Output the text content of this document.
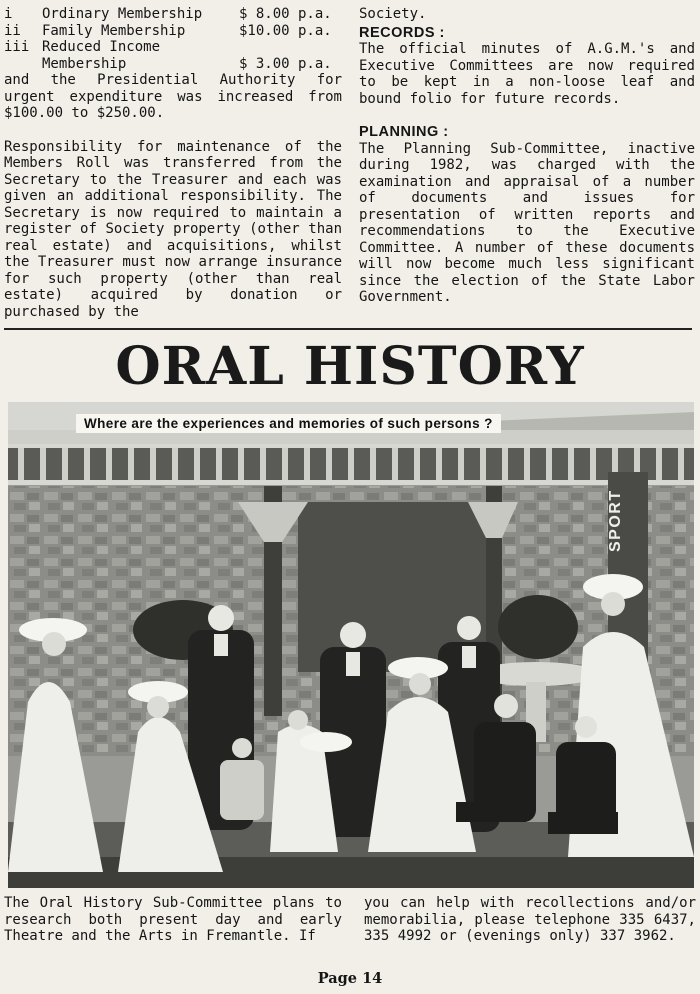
i	Ordinary Membership	$ 8.00 p.a.
ii	Family Membership	$10.00 p.a.
iii Reduced Income
Membership	$ 3.00 p.a.

and the Presidential Authority for urgent expenditure was increased from $100.00 to $250.00.

Responsibility for maintenance of the Members Roll was transferred from the Secretary to the Treasurer and each was given an additional responsibility. The Secretary is now required to maintain a register of Society property (other than real estate) and acquisitions, whilst the Treasurer must now arrange insurance for such property (other than real estate) acquired by donation or purchased by the

Society.

RECORDS :

The official minutes of A.G.M.'s and Executive Committees are now required to be kept in a non-loose leaf and bound folio for future records.

PLANNING :

The Planning Sub-Committee, inactive during 1982, was charged with the examination and appraisal of a number of documents and issues for presentation of written reports and recommendations to the Executive Committee. A number of these documents will now become much less significant since the election of the State Labor Government.

ORAL HISTORY
SPORT
Where are the experiences and memories of such persons ?

The Oral History Sub-Committee plans to research both present day and early Theatre and the Arts in Fremantle. If

you can help with recollections and/or memorabilia, please telephone 335 6437, 335 4992 or (evenings only) 337 3962.

Page 14
